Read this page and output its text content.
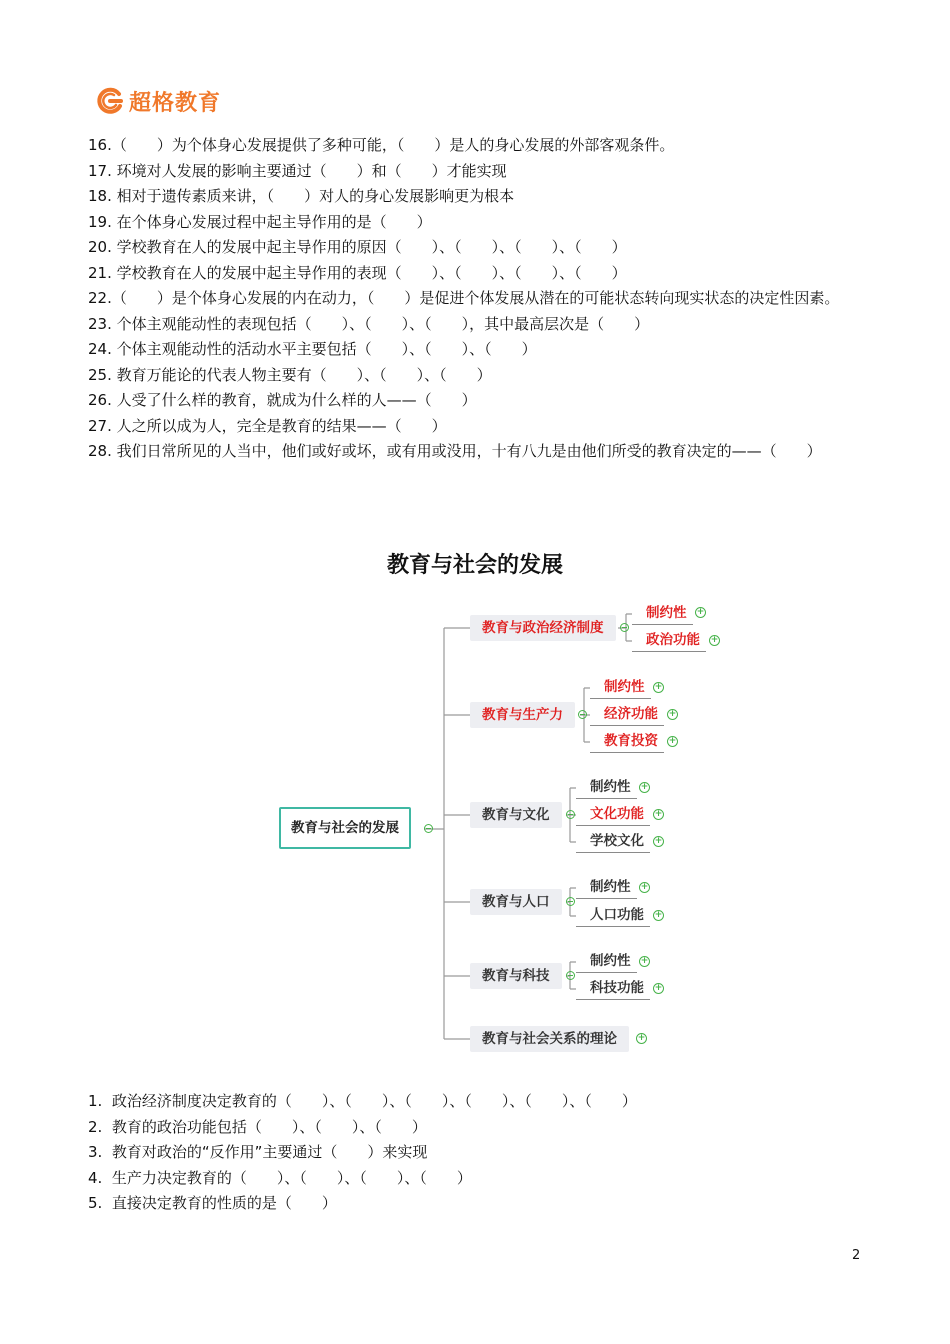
超格教育
16.（　　）为个体身心发展提供了多种可能，（　　）是人的身心发展的外部客观条件。
17. 环境对人发展的影响主要通过（　　）和（　　）才能实现
18. 相对于遗传素质来讲，（　　）对人的身心发展影响更为根本
19. 在个体身心发展过程中起主导作用的是（　　）
20. 学校教育在人的发展中起主导作用的原因（　　）、（　　）、（　　）、（　　）
21. 学校教育在人的发展中起主导作用的表现（　　）、（　　）、（　　）、（　　）
22.（　　）是个体身心发展的内在动力，（　　）是促进个体发展从潜在的可能状态转向现实状态的决定性因素。
23. 个体主观能动性的表现包括（　　）、（　　）、（　　），其中最高层次是（　　）
24. 个体主观能动性的活动水平主要包括（　　）、（　　）、（　　）
25. 教育万能论的代表人物主要有（　　）、（　　）、（　　）
26. 人受了什么样的教育，就成为什么样的人——（　　）
27. 人之所以成为人，完全是教育的结果——（　　）
28. 我们日常所见的人当中，他们或好或坏，或有用或没用，十有八九是由他们所受的教育决定的——（　　）
教育与社会的发展
教育与社会的发展
教育与政治经济制度
制约性	+
政治功能	+
教育与生产力
制约性	+
经济功能	+
教育投资	+
教育与文化
制约性	+
文化功能	+
学校文化	+
教育与人口
制约性	+
人口功能	+
教育与科技
制约性	+
科技功能	+
教育与社会关系的理论	+
1.  政治经济制度决定教育的（　　）、（　　）、（　　）、（　　）、（　　）、（　　）
2.  教育的政治功能包括（　　）、（　　）、（　　）
3.  教育对政治的“反作用”主要通过（　　）来实现
4.  生产力决定教育的（　　）、（　　）、（　　）、（　　）
5.  直接决定教育的性质的是（　　）
2
